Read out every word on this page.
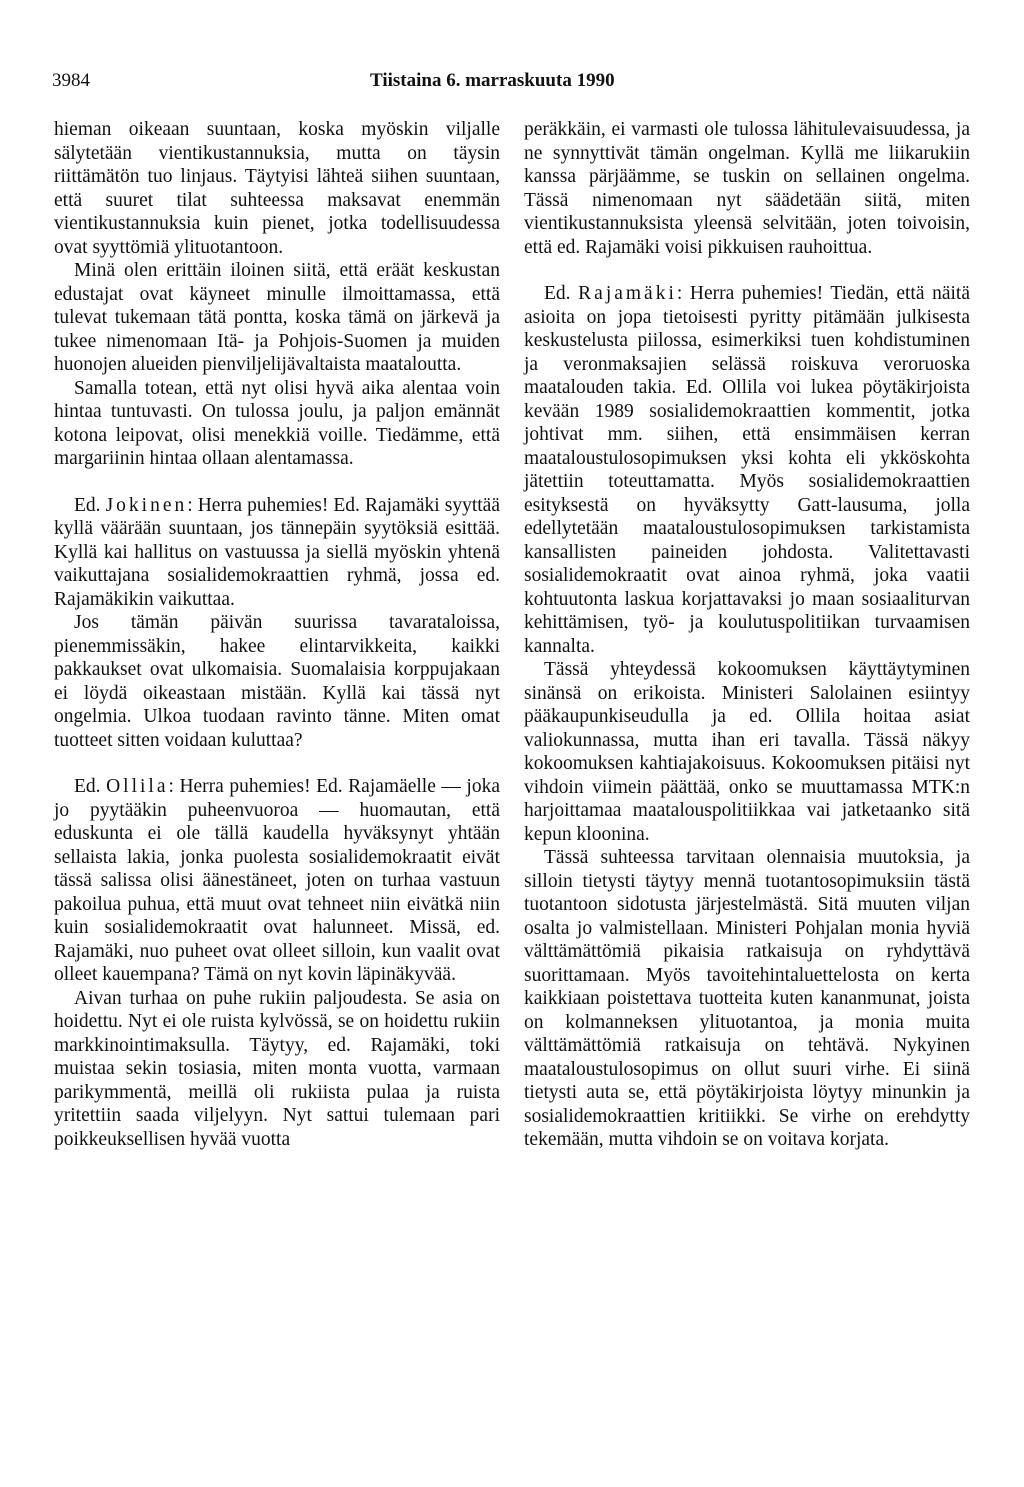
3984	Tiistaina 6. marraskuuta 1990

hieman oikeaan suuntaan, koska myöskin viljalle sälytetään vientikustannuksia, mutta on täysin riittämätön tuo linjaus. Täytyisi lähteä siihen suuntaan, että suuret tilat suhteessa maksavat enemmän vientikustannuksia kuin pienet, jotka todellisuudessa ovat syyttömiä ylituotantoon.

Minä olen erittäin iloinen siitä, että eräät keskustan edustajat ovat käyneet minulle ilmoittamassa, että tulevat tukemaan tätä pontta, koska tämä on järkevä ja tukee nimenomaan Itä- ja Pohjois-Suomen ja muiden huonojen alueiden pienviljelijävaltaista maataloutta.

Samalla totean, että nyt olisi hyvä aika alentaa voin hintaa tuntuvasti. On tulossa joulu, ja paljon emännät kotona leipovat, olisi menekkiä voille. Tiedämme, että margariinin hintaa ollaan alentamassa.

Ed. Jokinen: Herra puhemies! Ed. Rajamäki syyttää kyllä väärään suuntaan, jos tännepäin syytöksiä esittää. Kyllä kai hallitus on vastuussa ja siellä myöskin yhtenä vaikuttajana sosialidemokraattien ryhmä, jossa ed. Rajamäkikin vaikuttaa.

Jos tämän päivän suurissa tavarataloissa, pienemmissäkin, hakee elintarvikkeita, kaikki pakkaukset ovat ulkomaisia. Suomalaisia korppujakaan ei löydä oikeastaan mistään. Kyllä kai tässä nyt ongelmia. Ulkoa tuodaan ravinto tänne. Miten omat tuotteet sitten voidaan kuluttaa?

Ed. Ollila: Herra puhemies! Ed. Rajamäelle — joka jo pyytääkin puheenvuoroa — huomautan, että eduskunta ei ole tällä kaudella hyväksynyt yhtään sellaista lakia, jonka puolesta sosialidemokraatit eivät tässä salissa olisi äänestäneet, joten on turhaa vastuun pakoilua puhua, että muut ovat tehneet niin eivätkä niin kuin sosialidemokraatit ovat halunneet. Missä, ed. Rajamäki, nuo puheet ovat olleet silloin, kun vaalit ovat olleet kauempana? Tämä on nyt kovin läpinäkyvää.

Aivan turhaa on puhe rukiin paljoudesta. Se asia on hoidettu. Nyt ei ole ruista kylvössä, se on hoidettu rukiin markkinointimaksulla. Täytyy, ed. Rajamäki, toki muistaa sekin tosiasia, miten monta vuotta, varmaan parikymmentä, meillä oli rukiista pulaa ja ruista yritettiin saada viljelyyn. Nyt sattui tulemaan pari poikkeuksellisen hyvää vuotta

peräkkäin, ei varmasti ole tulossa lähitulevaisuudessa, ja ne synnyttivät tämän ongelman. Kyllä me liikarukiin kanssa pärjäämme, se tuskin on sellainen ongelma. Tässä nimenomaan nyt säädetään siitä, miten vientikustannuksista yleensä selvitään, joten toivoisin, että ed. Rajamäki voisi pikkuisen rauhoittua.

Ed. Rajamäki: Herra puhemies! Tiedän, että näitä asioita on jopa tietoisesti pyritty pitämään julkisesta keskustelusta piilossa, esimerkiksi tuen kohdistuminen ja veronmaksajien selässä roiskuva veroruoska maatalouden takia. Ed. Ollila voi lukea pöytäkirjoista kevään 1989 sosialidemokraattien kommentit, jotka johtivat mm. siihen, että ensimmäisen kerran maataloustulosopimuksen yksi kohta eli ykköskohta jätettiin toteuttamatta. Myös sosialidemokraattien esityksestä on hyväksytty Gatt-lausuma, jolla edellytetään maataloustulosopimuksen tarkistamista kansallisten paineiden johdosta. Valitettavasti sosialidemokraatit ovat ainoa ryhmä, joka vaatii kohtuutonta laskua korjattavaksi jo maan sosiaaliturvan kehittämisen, työ- ja koulutuspolitiikan turvaamisen kannalta.

Tässä yhteydessä kokoomuksen käyttäytyminen sinänsä on erikoista. Ministeri Salolainen esiintyy pääkaupunkiseudulla ja ed. Ollila hoitaa asiat valiokunnassa, mutta ihan eri tavalla. Tässä näkyy kokoomuksen kahtiajakoisuus. Kokoomuksen pitäisi nyt vihdoin viimein päättää, onko se muuttamassa MTK:n harjoittamaa maatalouspolitiikkaa vai jatketaanko sitä kepun kloonina.

Tässä suhteessa tarvitaan olennaisia muutoksia, ja silloin tietysti täytyy mennä tuotantosopimuksiin tästä tuotantoon sidotusta järjestelmästä. Sitä muuten viljan osalta jo valmistellaan. Ministeri Pohjalan monia hyviä välttämättömiä pikaisia ratkaisuja on ryhdyttävä suorittamaan. Myös tavoitehintaluettelosta on kerta kaikkiaan poistettava tuotteita kuten kananmunat, joista on kolmanneksen ylituotantoa, ja monia muita välttämättömiä ratkaisuja on tehtävä. Nykyinen maataloustulosopimus on ollut suuri virhe. Ei siinä tietysti auta se, että pöytäkirjoista löytyy minunkin ja sosialidemokraattien kritiikki. Se virhe on erehdytty tekemään, mutta vihdoin se on voitava korjata.
